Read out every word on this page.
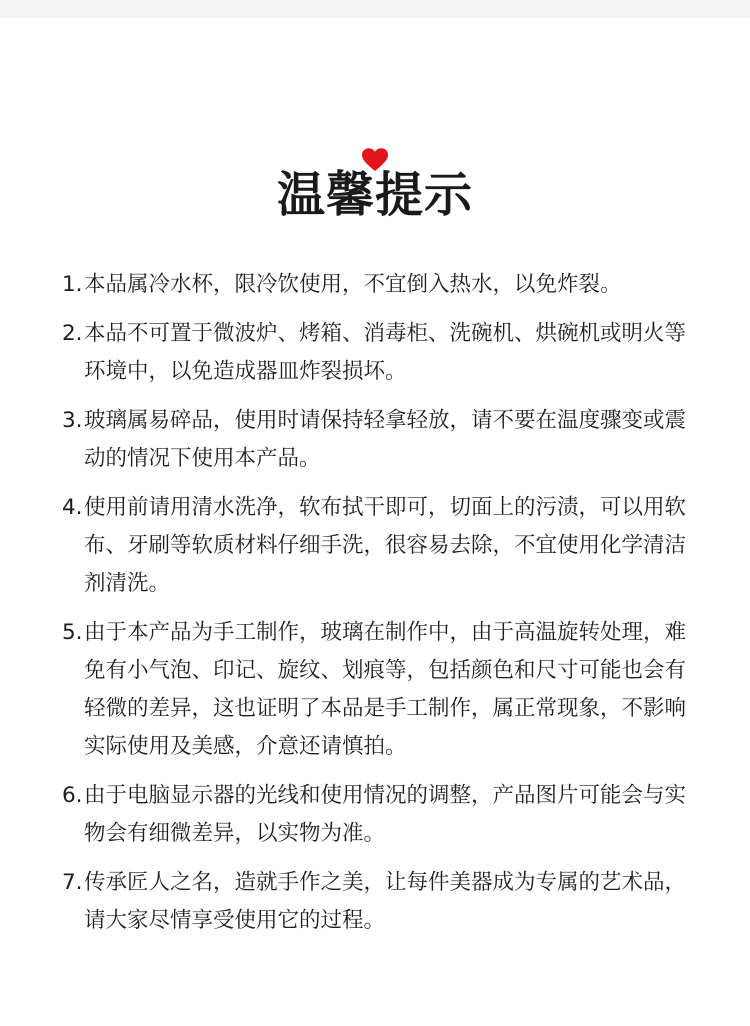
温馨提示
1. 本品属冷水杯，限冷饮使用，不宜倒入热水，以免炸裂。
2. 本品不可置于微波炉、烤箱、消毒柜、洗碗机、烘碗机或明火等环境中，以免造成器皿炸裂损坏。
3. 玻璃属易碎品，使用时请保持轻拿轻放，请不要在温度骤变或震动的情况下使用本产品。
4. 使用前请用清水洗净，软布拭干即可，切面上的污渍，可以用软布、牙刷等软质材料仔细手洗，很容易去除，不宜使用化学清洁剂清洗。
5. 由于本产品为手工制作，玻璃在制作中，由于高温旋转处理，难免有小气泡、印记、旋纹、划痕等，包括颜色和尺寸可能也会有轻微的差异，这也证明了本品是手工制作，属正常现象，不影响实际使用及美感，介意还请慎拍。
6. 由于电脑显示器的光线和使用情况的调整，产品图片可能会与实物会有细微差异，以实物为准。
7. 传承匠人之名，造就手作之美，让每件美器成为专属的艺术品，请大家尽情享受使用它的过程。
